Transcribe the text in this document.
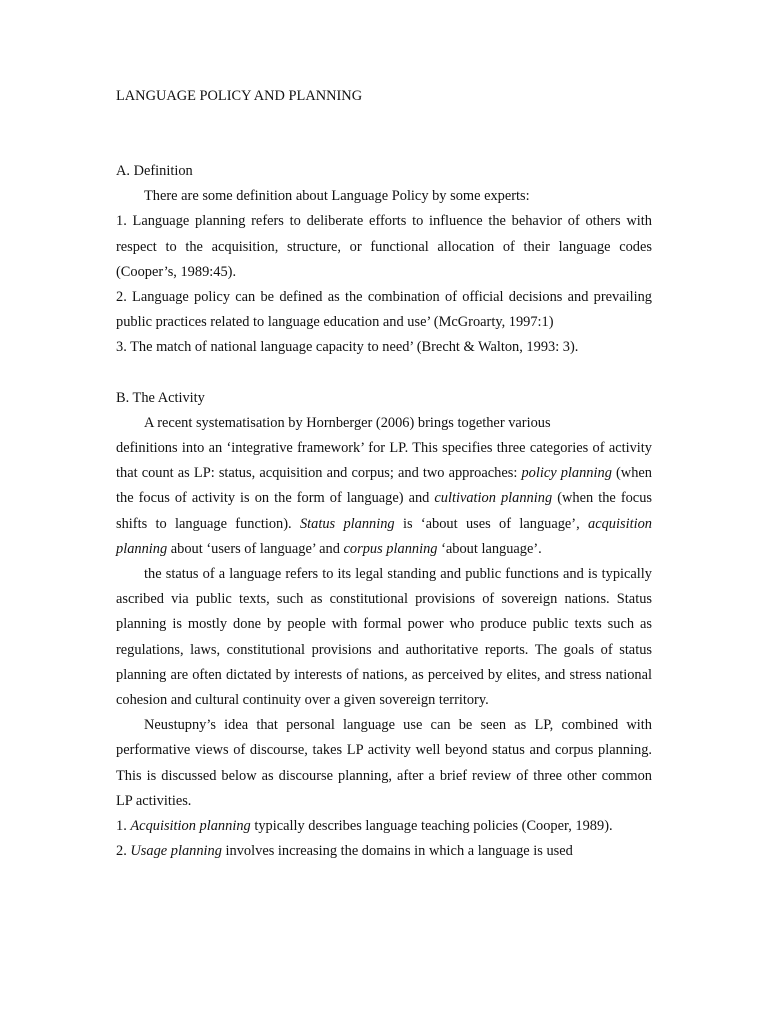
LANGUAGE POLICY AND PLANNING

A. Definition

There are some definition about Language Policy by some experts:

1. Language planning refers to deliberate efforts to influence the behavior of others with respect to the acquisition, structure, or functional allocation of their language codes (Cooper’s, 1989:45).

2. Language policy can be defined as the combination of official decisions and prevailing public practices related to language education and use’ (McGroarty, 1997:1)

3. The match of national language capacity to need’ (Brecht & Walton, 1993: 3).

B. The Activity

A recent systematisation by Hornberger (2006) brings together various

definitions into an ‘integrative framework’ for LP. This specifies three categories of activity that count as LP: status, acquisition and corpus; and two approaches: policy planning (when the focus of activity is on the form of language) and cultivation planning (when the focus shifts to language function). Status planning is ‘about uses of language’, acquisition planning about ‘users of language’ and corpus planning ‘about language’.

the status of a language refers to its legal standing and public functions and is typically ascribed via public texts, such as constitutional provisions of sovereign nations. Status planning is mostly done by people with formal power who produce public texts such as regulations, laws, constitutional provisions and authoritative reports. The goals of status planning are often dictated by interests of nations, as perceived by elites, and stress national cohesion and cultural continuity over a given sovereign territory.

Neustupny’s idea that personal language use can be seen as LP, combined with performative views of discourse, takes LP activity well beyond status and corpus planning. This is discussed below as discourse planning, after a brief review of three other common LP activities.

1. Acquisition planning typically describes language teaching policies (Cooper, 1989).

2. Usage planning involves increasing the domains in which a language is used
